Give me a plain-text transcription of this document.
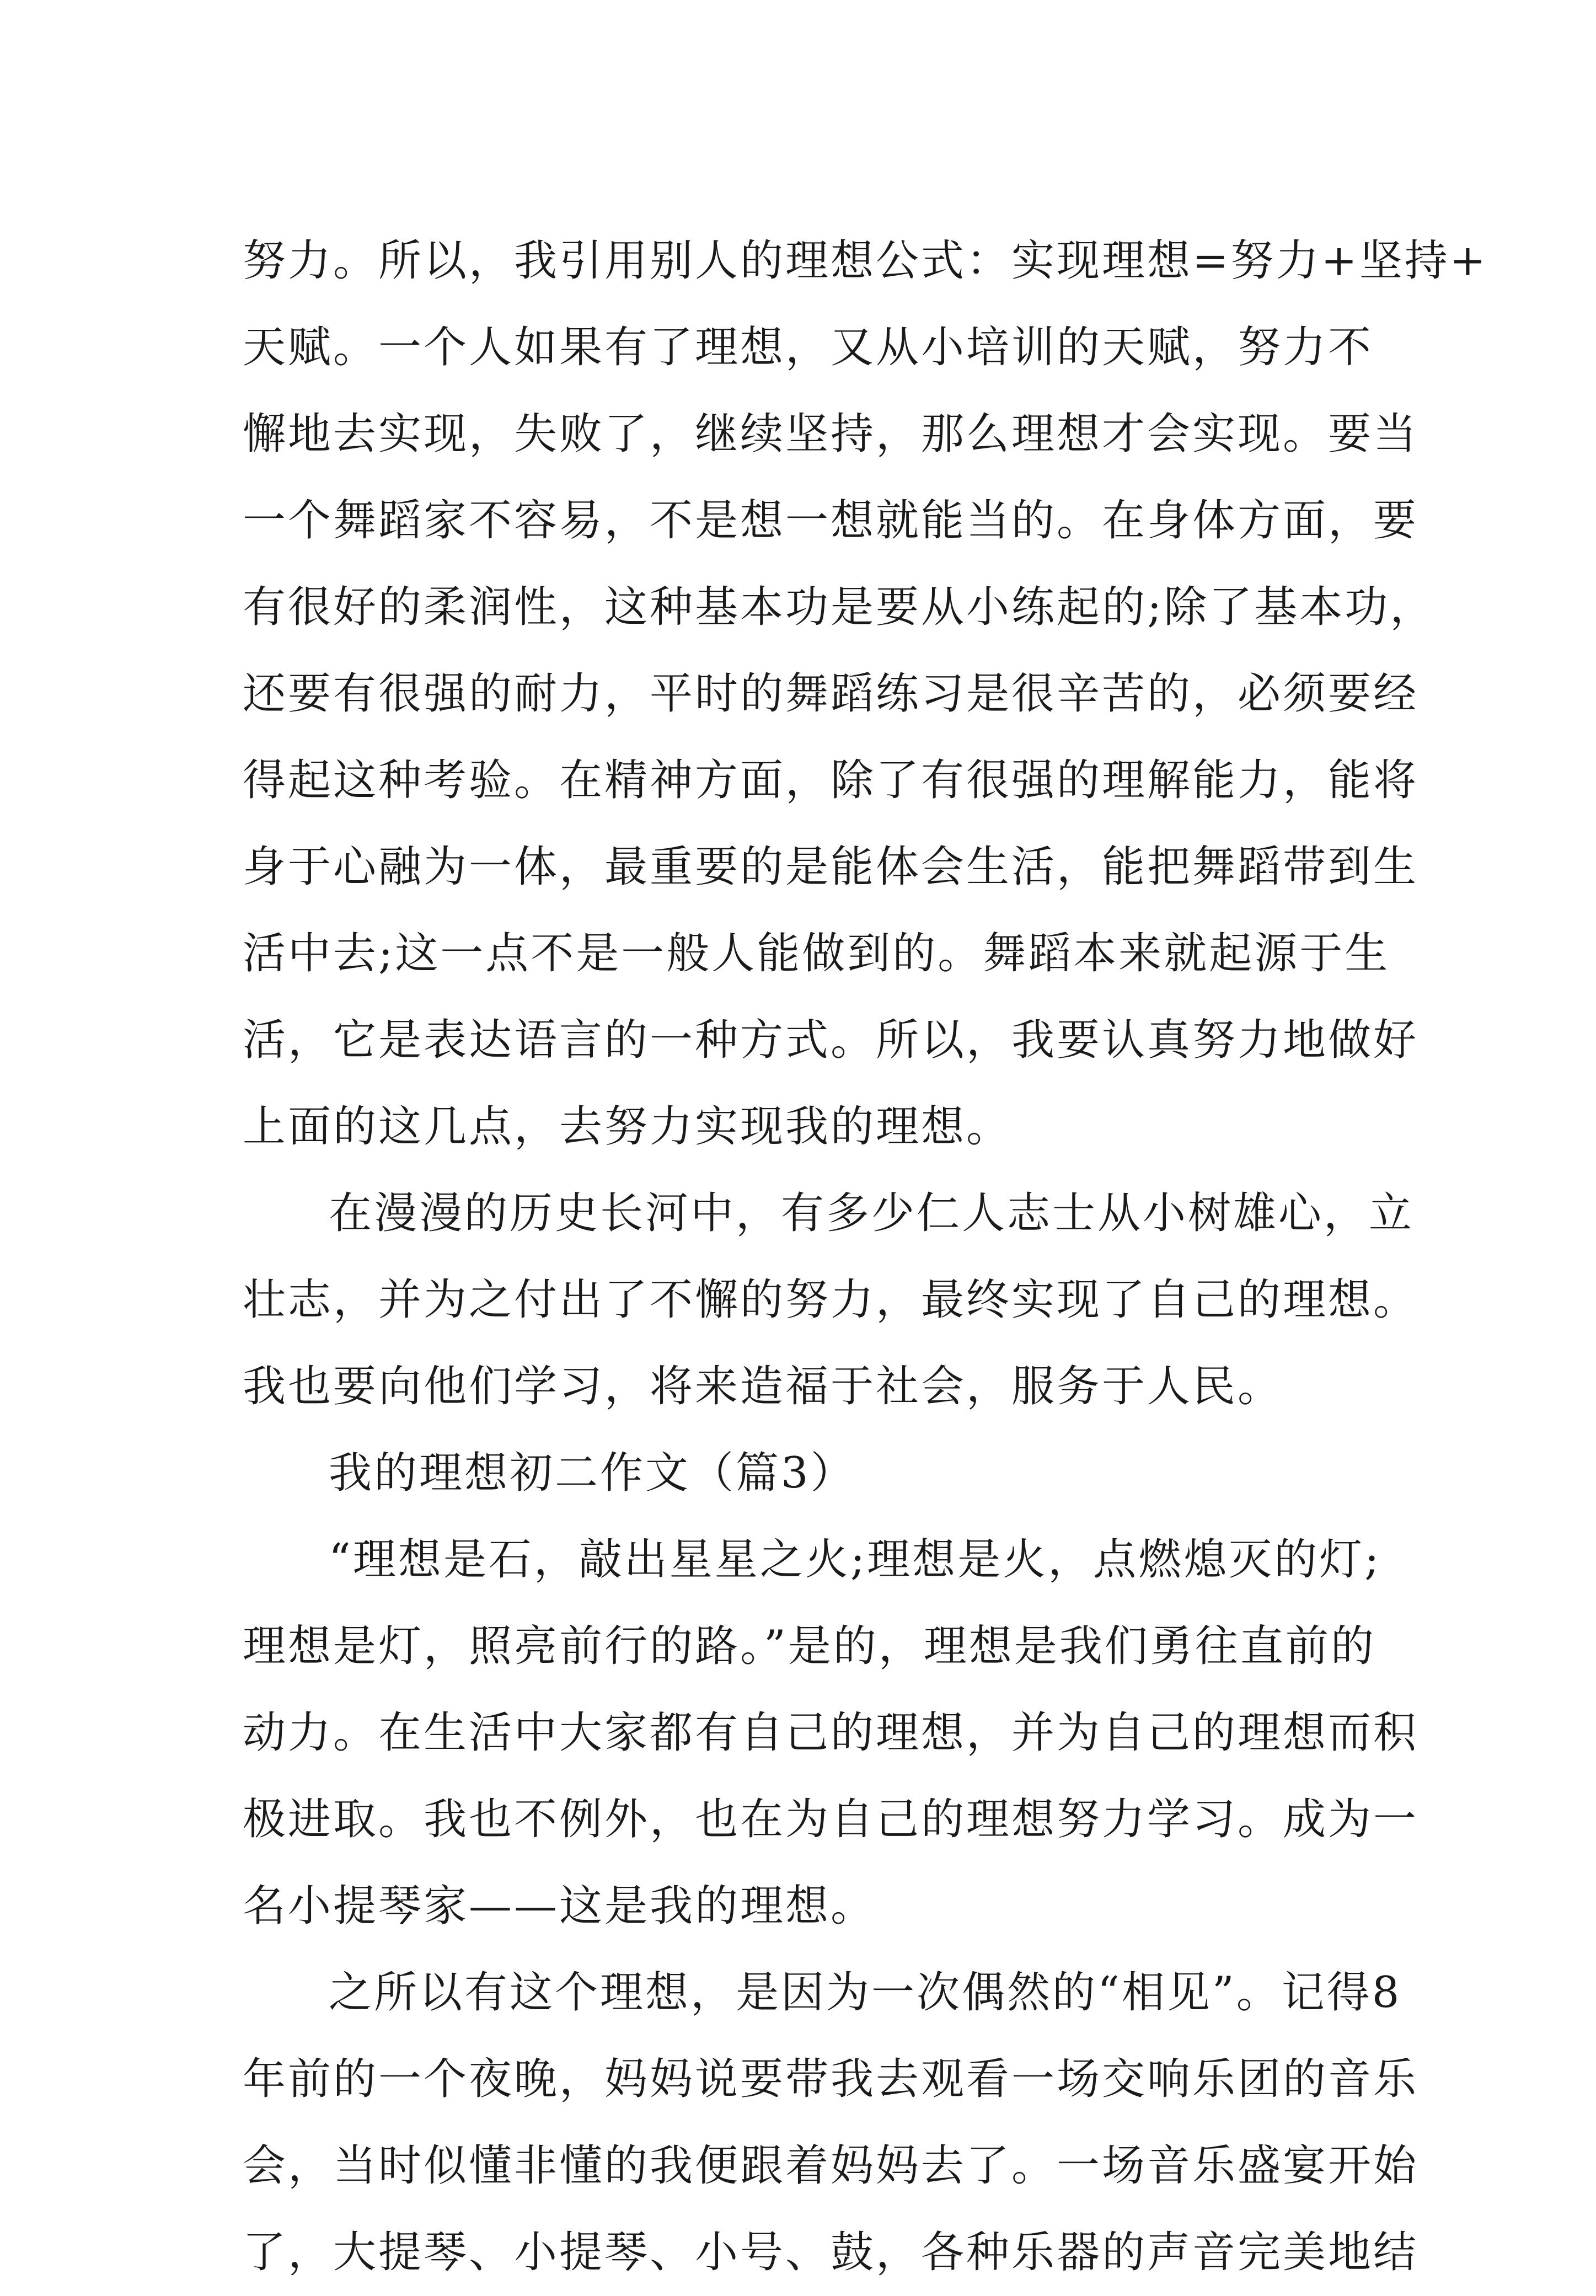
努力。所以，我引用别人的理想公式：实现理想=努力+坚持+
天赋。一个人如果有了理想，又从小培训的天赋，努力不
懈地去实现，失败了，继续坚持，那么理想才会实现。要当
一个舞蹈家不容易，不是想一想就能当的。在身体方面，要
有很好的柔润性，这种基本功是要从小练起的;除了基本功，
还要有很强的耐力，平时的舞蹈练习是很辛苦的，必须要经
得起这种考验。在精神方面，除了有很强的理解能力，能将
身于心融为一体，最重要的是能体会生活，能把舞蹈带到生
活中去;这一点不是一般人能做到的。舞蹈本来就起源于生
活，它是表达语言的一种方式。所以，我要认真努力地做好
上面的这几点，去努力实现我的理想。
在漫漫的历史长河中，有多少仁人志士从小树雄心，立
壮志，并为之付出了不懈的努力，最终实现了自己的理想。
我也要向他们学习，将来造福于社会，服务于人民。
我的理想初二作文（篇3）
“理想是石，敲出星星之火;理想是火，点燃熄灭的灯;
理想是灯，照亮前行的路。”是的，理想是我们勇往直前的
动力。在生活中大家都有自己的理想，并为自己的理想而积
极进取。我也不例外，也在为自己的理想努力学习。成为一
名小提琴家——这是我的理想。
之所以有这个理想，是因为一次偶然的“相见”。记得8
年前的一个夜晚，妈妈说要带我去观看一场交响乐团的音乐
会，当时似懂非懂的我便跟着妈妈去了。一场音乐盛宴开始
了，大提琴、小提琴、小号、鼓，各种乐器的声音完美地结
